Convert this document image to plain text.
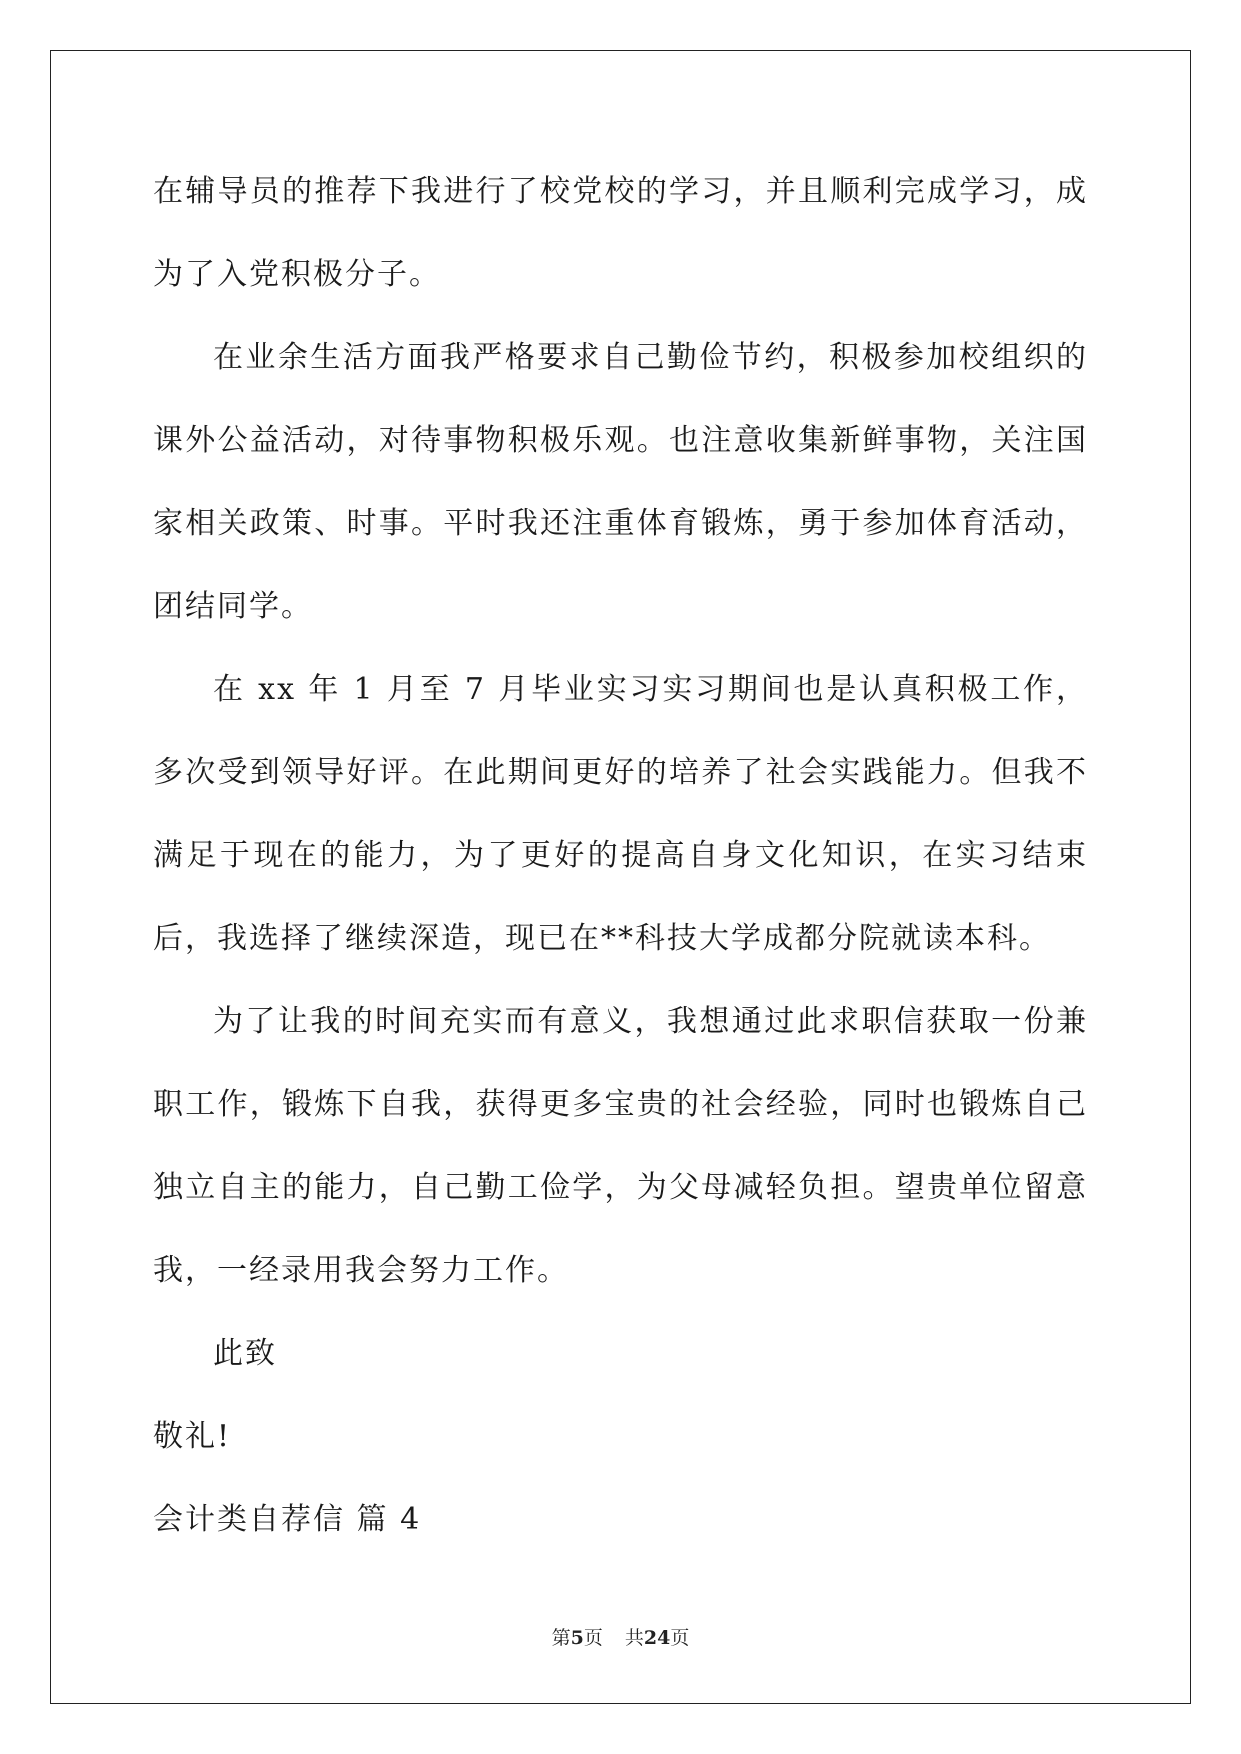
在辅导员的推荐下我进行了校党校的学习，并且顺利完成学习，成为了入党积极分子。

在业余生活方面我严格要求自己勤俭节约，积极参加校组织的课外公益活动，对待事物积极乐观。也注意收集新鲜事物，关注国家相关政策、时事。平时我还注重体育锻炼，勇于参加体育活动，团结同学。

在 xx 年 1 月至 7 月毕业实习实习期间也是认真积极工作，多次受到领导好评。在此期间更好的培养了社会实践能力。但我不满足于现在的能力，为了更好的提高自身文化知识，在实习结束后，我选择了继续深造，现已在**科技大学成都分院就读本科。

为了让我的时间充实而有意义，我想通过此求职信获取一份兼职工作，锻炼下自我，获得更多宝贵的社会经验，同时也锻炼自己独立自主的能力，自己勤工俭学，为父母减轻负担。望贵单位留意我，一经录用我会努力工作。

此致

敬礼!

会计类自荐信 篇 4

第5页 共24页
